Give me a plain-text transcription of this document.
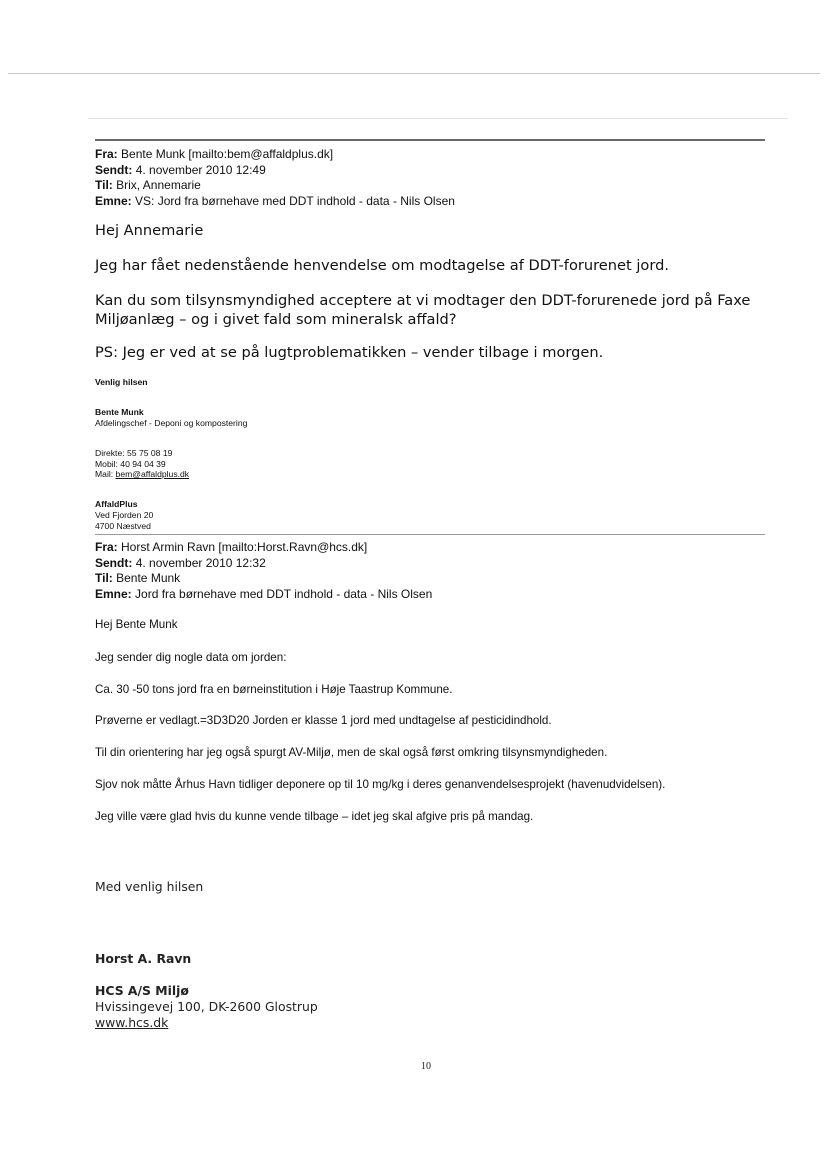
Fra: Bente Munk [mailto:bem@affaldplus.dk]
Sendt: 4. november 2010 12:49
Til: Brix, Annemarie
Emne: VS: Jord fra børnehave med DDT indhold - data - Nils Olsen
Hej Annemarie
Jeg har fået nedenstående henvendelse om modtagelse af DDT-forurenet jord.
Kan du som tilsynsmyndighed acceptere at vi modtager den DDT-forurenede jord på Faxe
Miljøanlæg – og i givet fald som mineralsk affald?
PS: Jeg er ved at se på lugtproblematikken – vender tilbage i morgen.
Venlig hilsen
Bente Munk
Afdelingschef - Deponi og kompostering
Direkte: 55 75 08 19
Mobil: 40 94 04 39
Mail: bem@affaldplus.dk
AffaldPlus
Ved Fjorden 20
4700 Næstved
Fra: Horst Armin Ravn [mailto:Horst.Ravn@hcs.dk]
Sendt: 4. november 2010 12:32
Til: Bente Munk
Emne: Jord fra børnehave med DDT indhold - data - Nils Olsen
Hej Bente Munk
Jeg sender dig nogle data om jorden:
Ca. 30 -50 tons jord fra en børneinstitution i Høje Taastrup Kommune.
Prøverne er vedlagt.=3D3D20 Jorden er klasse 1 jord med undtagelse af pesticidindhold.
Til din orientering har jeg også spurgt AV-Miljø, men de skal også først omkring tilsynsmyndigheden.
Sjov nok måtte Århus Havn tidliger deponere op til 10 mg/kg i deres genanvendelsesprojekt (havenudvidelsen).
Jeg ville være glad hvis du kunne vende tilbage – idet jeg skal afgive pris på mandag.
Med venlig hilsen
Horst A. Ravn
HCS A/S Miljø
Hvissingevej 100, DK-2600 Glostrup
www.hcs.dk
10
